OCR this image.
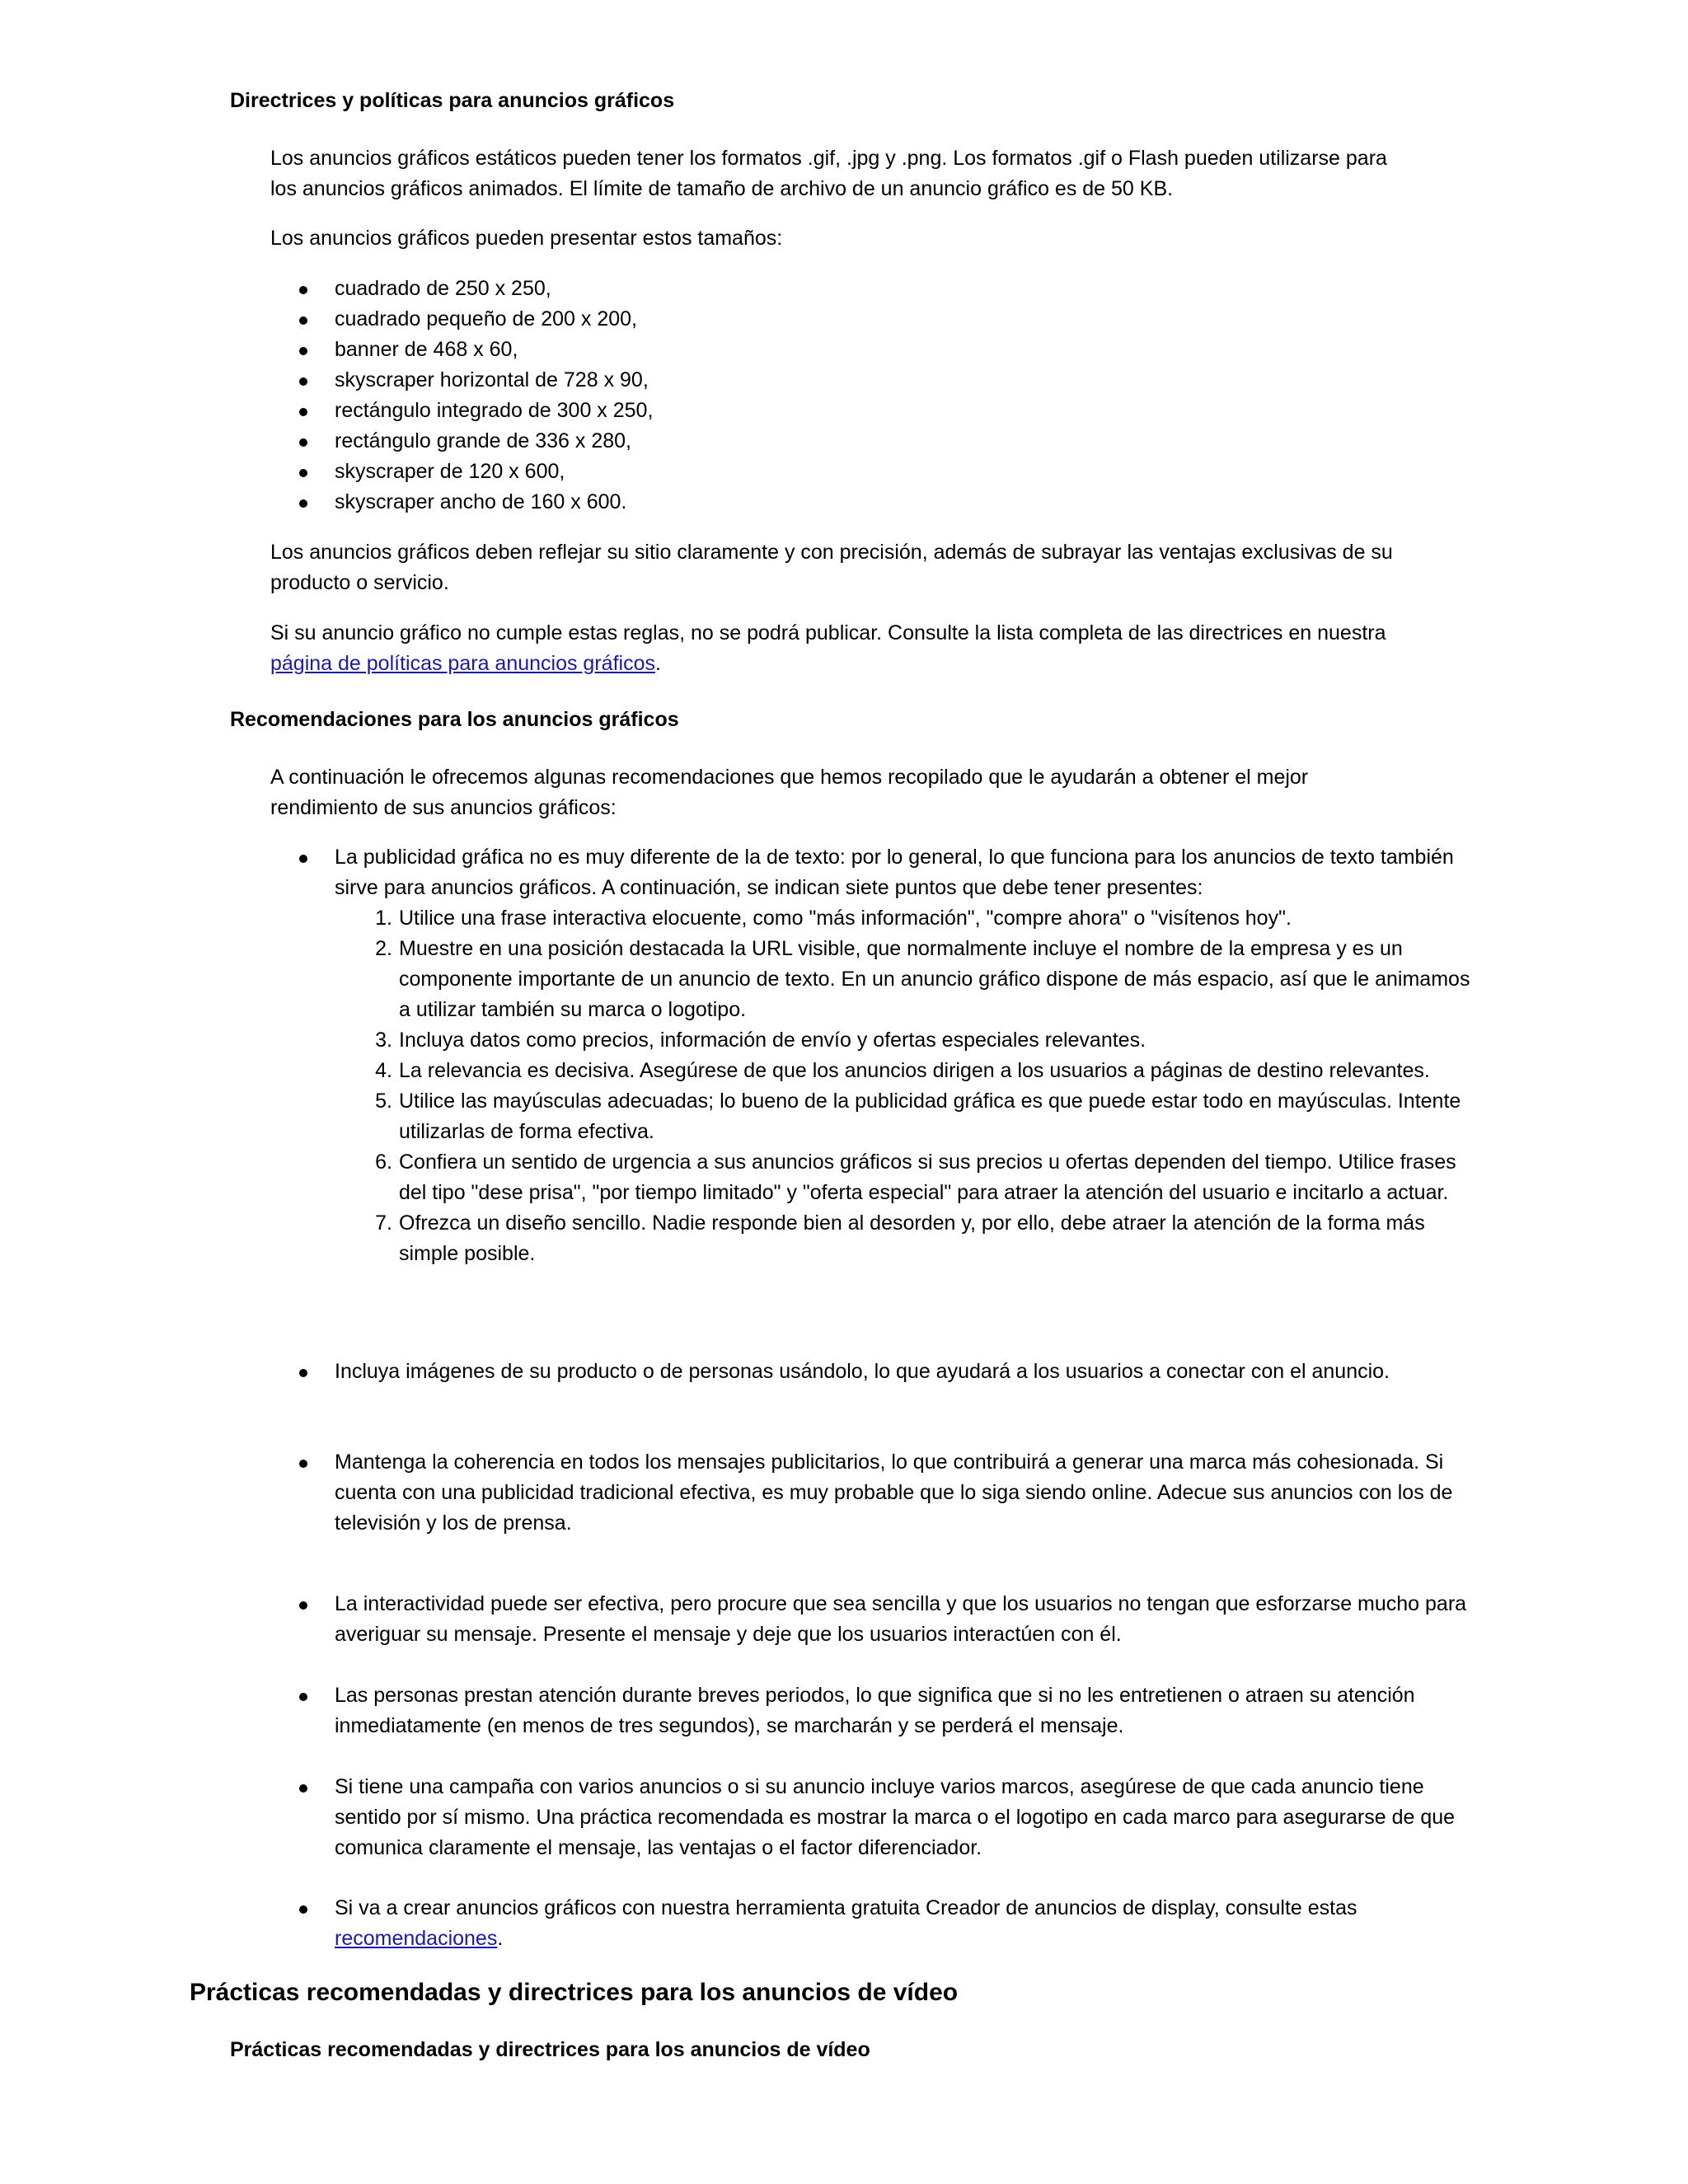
Directrices y políticas para anuncios gráficos

Los anuncios gráficos estáticos pueden tener los formatos .gif, .jpg y .png. Los formatos .gif o Flash pueden utilizarse para los anuncios gráficos animados. El límite de tamaño de archivo de un anuncio gráfico es de 50 KB.

Los anuncios gráficos pueden presentar estos tamaños:

cuadrado de 250 x 250,
cuadrado pequeño de 200 x 200,
banner de 468 x 60,
skyscraper horizontal de 728 x 90,
rectángulo integrado de 300 x 250,
rectángulo grande de 336 x 280,
skyscraper de 120 x 600,
skyscraper ancho de 160 x 600.

Los anuncios gráficos deben reflejar su sitio claramente y con precisión, además de subrayar las ventajas exclusivas de su producto o servicio.

Si su anuncio gráfico no cumple estas reglas, no se podrá publicar. Consulte la lista completa de las directrices en nuestra página de políticas para anuncios gráficos.

Recomendaciones para los anuncios gráficos

A continuación le ofrecemos algunas recomendaciones que hemos recopilado que le ayudarán a obtener el mejor rendimiento de sus anuncios gráficos:

La publicidad gráfica no es muy diferente de la de texto: por lo general, lo que funciona para los anuncios de texto también sirve para anuncios gráficos. A continuación, se indican siete puntos que debe tener presentes:
1. Utilice una frase interactiva elocuente, como "más información", "compre ahora" o "visítenos hoy".
2. Muestre en una posición destacada la URL visible, que normalmente incluye el nombre de la empresa y es un componente importante de un anuncio de texto. En un anuncio gráfico dispone de más espacio, así que le animamos a utilizar también su marca o logotipo.
3. Incluya datos como precios, información de envío y ofertas especiales relevantes.
4. La relevancia es decisiva. Asegúrese de que los anuncios dirigen a los usuarios a páginas de destino relevantes.
5. Utilice las mayúsculas adecuadas; lo bueno de la publicidad gráfica es que puede estar todo en mayúsculas. Intente utilizarlas de forma efectiva.
6. Confiera un sentido de urgencia a sus anuncios gráficos si sus precios u ofertas dependen del tiempo. Utilice frases del tipo "dese prisa", "por tiempo limitado" y "oferta especial" para atraer la atención del usuario e incitarlo a actuar.
7. Ofrezca un diseño sencillo. Nadie responde bien al desorden y, por ello, debe atraer la atención de la forma más simple posible.
Incluya imágenes de su producto o de personas usándolo, lo que ayudará a los usuarios a conectar con el anuncio.
Mantenga la coherencia en todos los mensajes publicitarios, lo que contribuirá a generar una marca más cohesionada. Si cuenta con una publicidad tradicional efectiva, es muy probable que lo siga siendo online. Adecue sus anuncios con los de televisión y los de prensa.
La interactividad puede ser efectiva, pero procure que sea sencilla y que los usuarios no tengan que esforzarse mucho para averiguar su mensaje. Presente el mensaje y deje que los usuarios interactúen con él.
Las personas prestan atención durante breves periodos, lo que significa que si no les entretienen o atraen su atención inmediatamente (en menos de tres segundos), se marcharán y se perderá el mensaje.
Si tiene una campaña con varios anuncios o si su anuncio incluye varios marcos, asegúrese de que cada anuncio tiene sentido por sí mismo. Una práctica recomendada es mostrar la marca o el logotipo en cada marco para asegurarse de que comunica claramente el mensaje, las ventajas o el factor diferenciador.
Si va a crear anuncios gráficos con nuestra herramienta gratuita Creador de anuncios de display, consulte estas recomendaciones.
Prácticas recomendadas y directrices para los anuncios de vídeo
Prácticas recomendadas y directrices para los anuncios de vídeo
